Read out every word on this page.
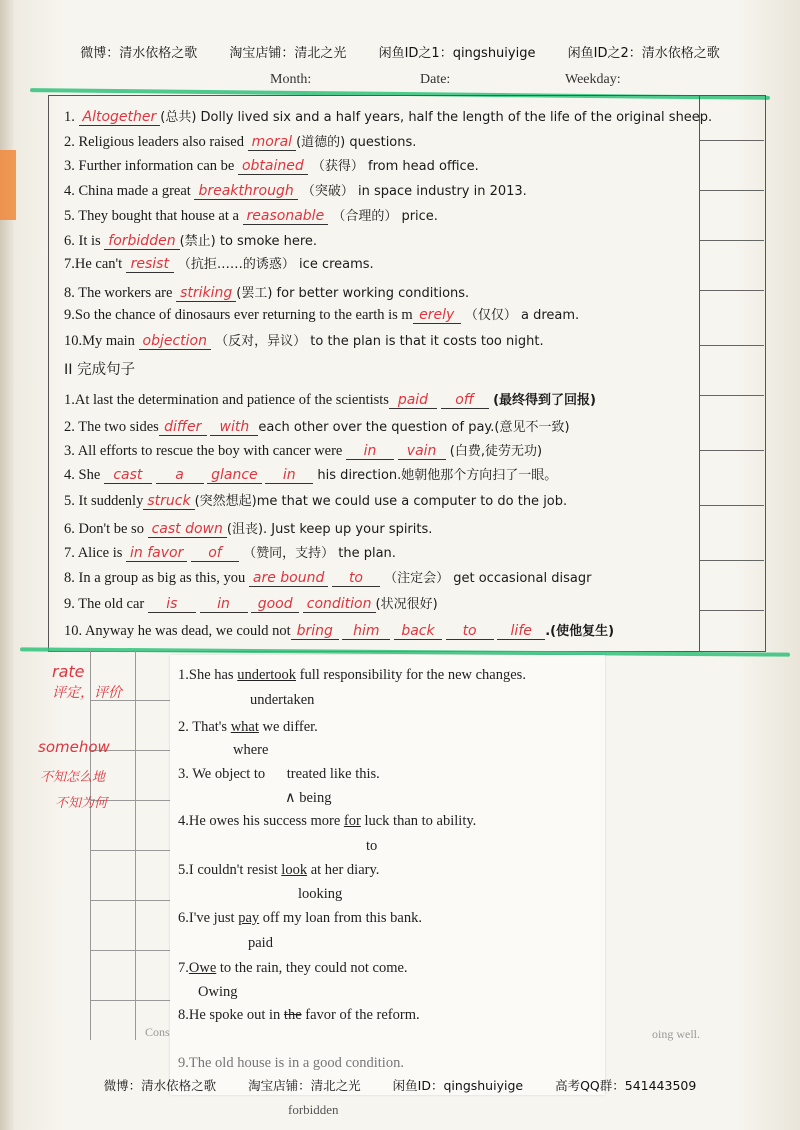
微博：清水依格之歌 淘宝店铺：清北之光 闲鱼ID之1：qingshuiyige 闲鱼ID之2：清水依格之歌
Month:	Date:	Weekday:
1. Altogether (总共) Dolly lived six and a half years, half the length of the life of the original sheep.
2. Religious leaders also raised moral (道德的) questions.
3. Further information can be obtained （获得） from head office.
4. China made a great breakthrough （突破） in space industry in 2013.
5. They bought that house at a reasonable （合理的） price.
6. It is forbidden (禁止) to smoke here.
7.He can't resist （抗拒……的诱惑） ice creams.
8. The workers are striking (罢工) for better working conditions.
9.So the chance of dinosaurs ever returning to the earth is m erely （仅仅） a dream.
10.My main objection （反对，异议） to the plan is that it costs too night.
II 完成句子
1.At last the determination and patience of the scientists paid off (最终得到了回报)
2. The two sides differ with each other over the question of pay.(意见不一致)
3. All efforts to rescue the boy with cancer were in vain (白费,徒劳无功)
4. She cast a glance in his direction.她朝他那个方向扫了一眼。
5. It suddenly struck (突然想起)me that we could use a computer to do the job.
6. Don't be so cast down (沮丧). Just keep up your spirits.
7. Alice is in favor of （赞同，支持） the plan.
8. In a group as big as this, you are bound to （注定会） get occasional disagr
9. The old car is	in good condition (状况很好)
10. Anyway he was dead, we could not bring him back to life .(使他复生)
rate
评定，评价
somehow
不知怎么地
不知为何
1.She has undertook full responsibility for the new changes.
undertaken
2. That's what we differ.
where
3. We object to treated like this.
∧ being
4.He owes his success more for luck than to ability.
to
5.I couldn't resist look at her diary.
looking
6.I've just pay off my loan from this bank.
paid
7.Owe to the rain, they could not come.
Owing
8.He spoke out in the favor of the reform.
Cons	oing well.
9.The old house is in a good condition.
微博：清水依格之歌	淘宝店铺：清北之光	闲鱼ID：qingshuiyige	高考QQ群：541443509
forbidden
